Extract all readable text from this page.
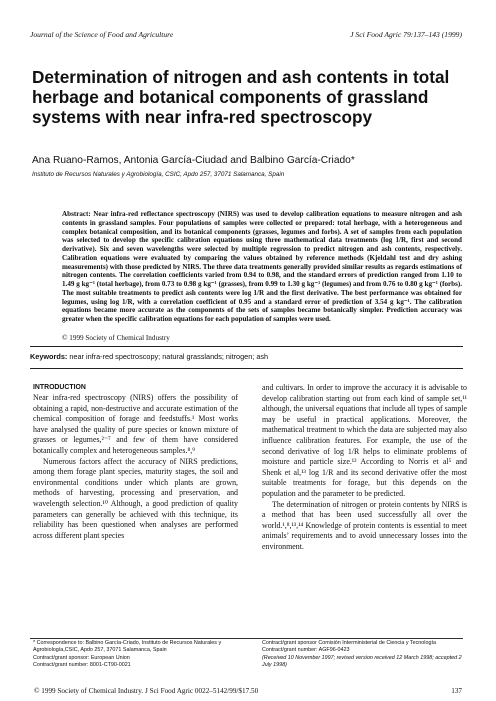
Journal of the Science of Food and Agriculture	J Sci Food Agric 79:137–143 (1999)
Determination of nitrogen and ash contents in total herbage and botanical components of grassland systems with near infra-red spectroscopy
Ana Ruano-Ramos, Antonia García-Ciudad and Balbino García-Criado*
Instituto de Recursos Naturales y Agrobiología, CSIC, Apdo 257, 37071 Salamanca, Spain

Abstract: Near infra-red reflectance spectroscopy (NIRS) was used to develop calibration equations to measure nitrogen and ash contents in grassland samples. Four populations of samples were collected or prepared: total herbage, with a heterogeneous and complex botanical composition, and its botanical components (grasses, legumes and forbs). A set of samples from each population was selected to develop the specific calibration equations using three mathematical data treatments (log 1/R, first and second derivative). Six and seven wavelengths were selected by multiple regression to predict nitrogen and ash contents, respectively. Calibration equations were evaluated by comparing the values obtained by reference methods (Kjeldahl test and dry ashing measurements) with those predicted by NIRS. The three data treatments generally provided similar results as regards estimations of nitrogen contents. The correlation coefficients varied from 0.94 to 0.98, and the standard errors of prediction ranged from 1.10 to 1.49 g kg⁻¹ (total herbage), from 0.73 to 0.98 g kg⁻¹ (grasses), from 0.99 to 1.30 g kg⁻¹ (legumes) and from 0.76 to 0.80 g kg⁻¹ (forbs). The most suitable treatments to predict ash contents were log 1/R and the first derivative. The best performance was obtained for legumes, using log 1/R, with a correlation coefficient of 0.95 and a standard error of prediction of 3.54 g kg⁻¹. The calibration equations became more accurate as the components of the sets of samples became botanically simpler. Prediction accuracy was greater when the specific calibration equations for each population of samples were used.

© 1999 Society of Chemical Industry
Keywords: near infra-red spectroscopy; natural grasslands; nitrogen; ash

INTRODUCTION

Near infra-red spectroscopy (NIRS) offers the possibility of obtaining a rapid, non-destructive and accurate estimation of the chemical composition of forage and feedstuffs.¹ Most works have analysed the quality of pure species or known mixture of grasses or legumes,²⁻⁷ and few of them have considered botanically complex and heterogeneous samples.⁸,⁹

Numerous factors affect the accuracy of NIRS predictions, among them forage plant species, maturity stages, the soil and environmental conditions under which plants are grown, methods of harvesting, processing and preservation, and wavelength selection.¹⁰ Although, a good prediction of quality parameters can generally be achieved with this technique, its reliability has been questioned when analyses are performed across different plant species

and cultivars. In order to improve the accuracy it is advisable to develop calibration starting out from each kind of sample set,¹¹ although, the universal equations that include all types of sample may be useful in practical applications. Moreover, the mathematical treatment to which the data are subjected may also influence calibration features. For example, the use of the second derivative of log 1/R helps to eliminate problems of moisture and particle size.¹² According to Norris et al⁵ and Shenk et al,¹³ log 1/R and its second derivative offer the most suitable treatments for forage, but this depends on the population and the parameter to be predicted.

The determination of nitrogen or protein contents by NIRS is a method that has been used successfully all over the world.¹,⁸,¹³,¹⁴ Knowledge of protein contents is essential to meet animals’ requirements and to avoid unnecessary losses into the environment.

* Correspondence to: Balbino García-Criado, Instituto de Recursos Naturales y Agrobiología,CSIC, Apdo 257, 37071 Salamanca, Spain
Contract/grant sponsor: European Union
Contract/grant number: 8001-CT90-0021
Contract/grant sponsor Comisión Interministerial de Ciencia y Tecnología
Contract/grant number: AGF96-0423
(Received 10 November 1997; revised version received 12 March 1998; accepted 2 July 1998)
© 1999 Society of Chemical Industry. J Sci Food Agric 0022–5142/99/$17.50	137
